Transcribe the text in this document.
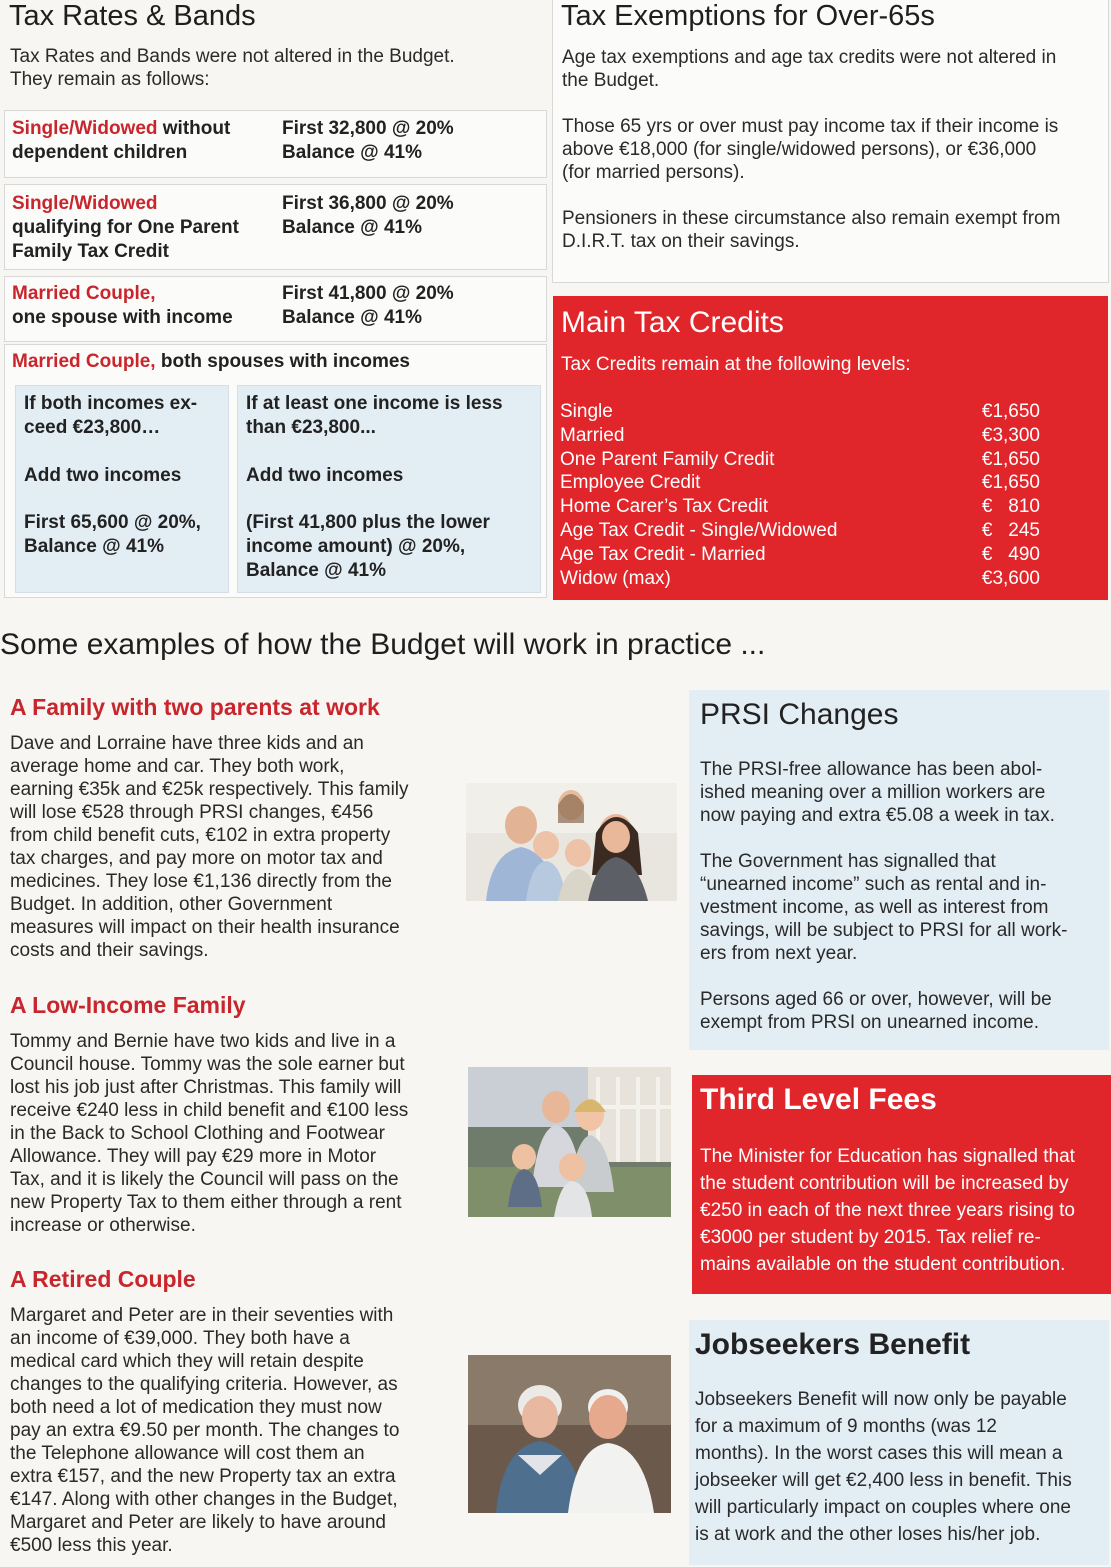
Tax Rates & Bands
Tax Rates and Bands were not altered in the Budget.
They remain as follows:
Single/Widowed without
dependent children
First 32,800 @ 20%
Balance @ 41%
Single/Widowed
qualifying for One Parent
Family Tax Credit
First 36,800 @ 20%
Balance @ 41%
Married Couple,
one spouse with income
First 41,800 @ 20%
Balance @ 41%
Married Couple, both spouses with incomes
If both incomes ex-
ceed €23,800…
Add two incomes
First 65,600 @ 20%,
Balance @ 41%
If at least one income is less
than €23,800...
Add two incomes
(First 41,800 plus the lower
income amount) @ 20%,
Balance @ 41%
Tax Exemptions for Over-65s
Age tax exemptions and age tax credits were not altered in
the Budget.
Those 65 yrs or over must pay income tax if their income is
above €18,000 (for single/widowed persons), or €36,000
(for married persons).
Pensioners in these circumstance also remain exempt from
D.I.R.T. tax on their savings.
Main Tax Credits
Tax Credits remain at the following levels:
Single	€1,650
Married	€3,300
One Parent Family Credit	€1,650
Employee Credit	€1,650
Home Carer’s Tax Credit	€   810
Age Tax Credit - Single/Widowed	€   245
Age Tax Credit - Married	€   490
Widow (max)	€3,600
Some examples of how the Budget will work in practice ...
A Family with two parents at work
Dave and Lorraine have three kids and an
average home and car. They both work,
earning €35k and €25k respectively. This family
will lose €528 through PRSI changes, €456
from child benefit cuts, €102 in extra property
tax charges, and pay more on motor tax and
medicines. They lose €1,136 directly from the
Budget. In addition, other Government
measures will impact on their health insurance
costs and their savings.
A Low-Income Family
Tommy and Bernie have two kids and live in a
Council house. Tommy was the sole earner but
lost his job just after Christmas. This family will
receive €240 less in child benefit and €100 less
in the Back to School Clothing and Footwear
Allowance. They will pay €29 more in Motor
Tax, and it is likely the Council will pass on the
new Property Tax to them either through a rent
increase or otherwise.
A Retired Couple
Margaret and Peter are in their seventies with
an income of €39,000. They both have a
medical card which they will retain despite
changes to the qualifying criteria. However, as
both need a lot of medication they must now
pay an extra €9.50 per month. The changes to
the Telephone allowance will cost them an
extra €157, and the new Property tax an extra
€147. Along with other changes in the Budget,
Margaret and Peter are likely to have around
€500 less this year.
PRSI Changes
The PRSI-free allowance has been abol-
ished meaning over a million workers are
now paying and extra €5.08 a week in tax.
The Government has signalled that
“unearned income” such as rental and in-
vestment income, as well as interest from
savings, will be subject to PRSI for all work-
ers from next year.
Persons aged 66 or over, however, will be
exempt from PRSI on unearned income.
Third Level Fees
The Minister for Education has signalled that
the student contribution will be increased by
€250 in each of the next three years rising to
€3000 per student by 2015. Tax relief re-
mains available on the student contribution.
Jobseekers Benefit
Jobseekers Benefit will now only be payable
for a maximum of 9 months (was 12
months). In the worst cases this will mean a
jobseeker will get €2,400 less in benefit. This
will particularly impact on couples where one
is at work and the other loses his/her job.
